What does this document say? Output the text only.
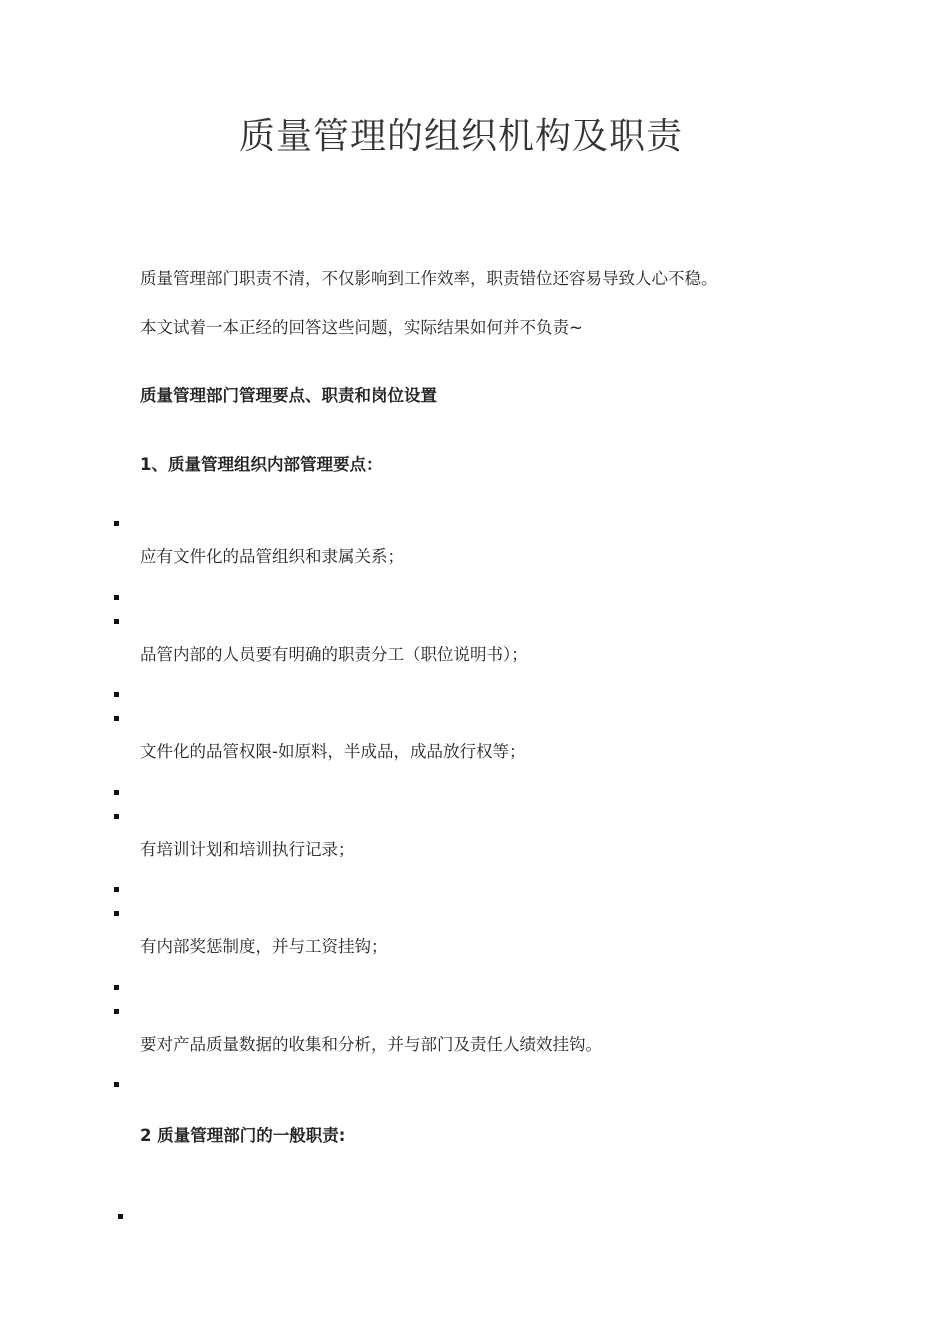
质量管理的组织机构及职责
质量管理部门职责不清，不仅影响到工作效率，职责错位还容易导致人心不稳。
本文试着一本正经的回答这些问题，实际结果如何并不负责~
质量管理部门管理要点、职责和岗位设置
1、质量管理组织内部管理要点：
应有文件化的品管组织和隶属关系；
品管内部的人员要有明确的职责分工（职位说明书）；
文件化的品管权限-如原料，半成品，成品放行权等；
有培训计划和培训执行记录；
有内部奖惩制度，并与工资挂钩；
要对产品质量数据的收集和分析，并与部门及责任人绩效挂钩。
2 质量管理部门的一般职责:
